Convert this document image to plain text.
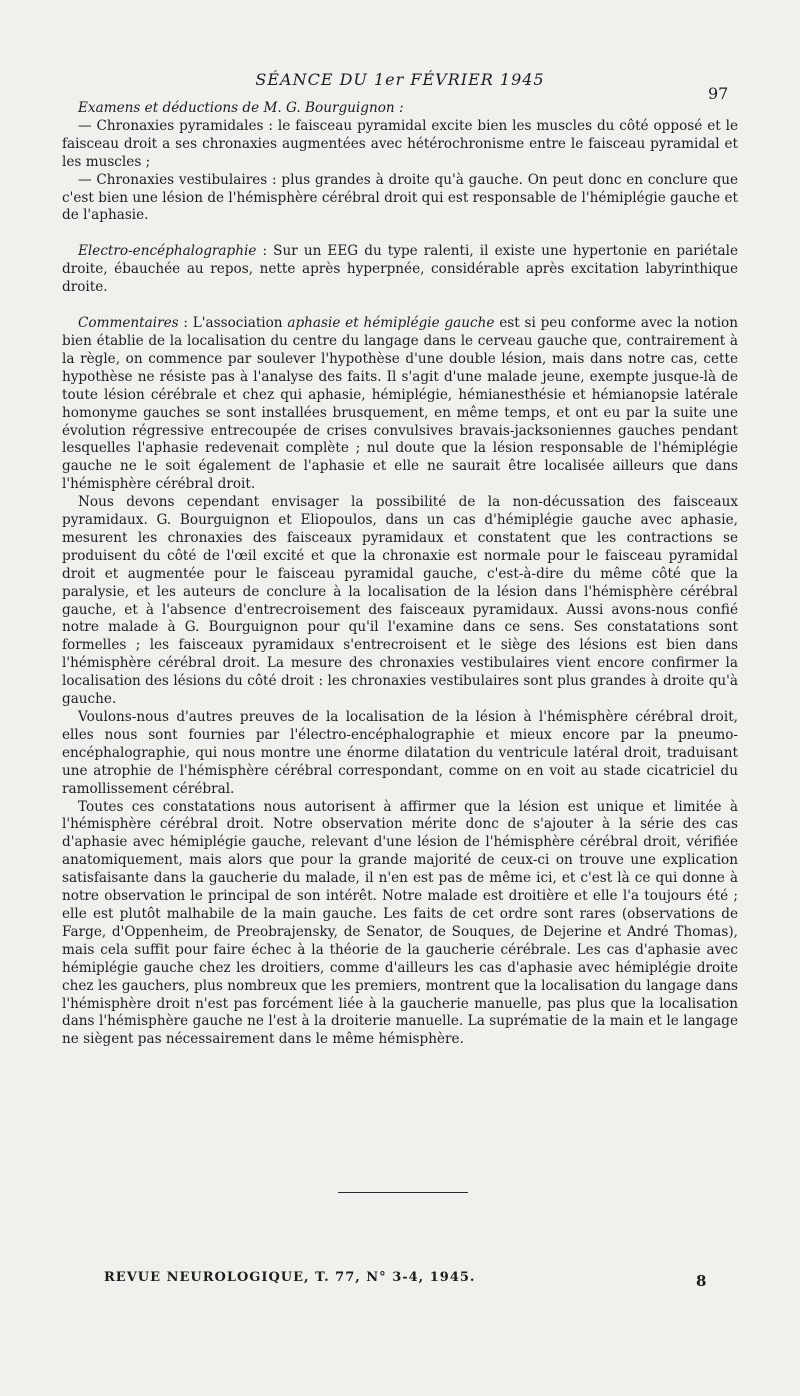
SÉANCE DU 1er FÉVRIER 1945
97

Examens et déductions de M. G. Bourguignon :

— Chronaxies pyramidales : le faisceau pyramidal excite bien les muscles du côté opposé et le faisceau droit a ses chronaxies augmentées avec hétérochronisme entre le faisceau pyramidal et les muscles ;

— Chronaxies vestibulaires : plus grandes à droite qu'à gauche. On peut donc en conclure que c'est bien une lésion de l'hémisphère cérébral droit qui est responsable de l'hémiplégie gauche et de l'aphasie.

Electro-encéphalographie : Sur un EEG du type ralenti, il existe une hypertonie en pariétale droite, ébauchée au repos, nette après hyperpnée, considérable après excitation labyrinthique droite.

Commentaires : L'association aphasie et hémiplégie gauche est si peu conforme avec la notion bien établie de la localisation du centre du langage dans le cerveau gauche que, contrairement à la règle, on commence par soulever l'hypothèse d'une double lésion, mais dans notre cas, cette hypothèse ne résiste pas à l'analyse des faits. Il s'agit d'une malade jeune, exempte jusque-là de toute lésion cérébrale et chez qui aphasie, hémiplégie, hémianesthésie et hémianopsie latérale homonyme gauches se sont installées brusquement, en même temps, et ont eu par la suite une évolution régressive entrecoupée de crises convulsives bravais-jacksoniennes gauches pendant lesquelles l'aphasie redevenait complète ; nul doute que la lésion responsable de l'hémiplégie gauche ne le soit également de l'aphasie et elle ne saurait être localisée ailleurs que dans l'hémisphère cérébral droit.

Nous devons cependant envisager la possibilité de la non-décussation des faisceaux pyramidaux. G. Bourguignon et Eliopoulos, dans un cas d'hémiplégie gauche avec aphasie, mesurent les chronaxies des faisceaux pyramidaux et constatent que les contractions se produisent du côté de l'œil excité et que la chronaxie est normale pour le faisceau pyramidal droit et augmentée pour le faisceau pyramidal gauche, c'est-à-dire du même côté que la paralysie, et les auteurs de conclure à la localisation de la lésion dans l'hémisphère cérébral gauche, et à l'absence d'entrecroisement des faisceaux pyramidaux. Aussi avons-nous confié notre malade à G. Bourguignon pour qu'il l'examine dans ce sens. Ses constatations sont formelles ; les faisceaux pyramidaux s'entrecroisent et le siège des lésions est bien dans l'hémisphère cérébral droit. La mesure des chronaxies vestibulaires vient encore confirmer la localisation des lésions du côté droit : les chronaxies vestibulaires sont plus grandes à droite qu'à gauche.

Voulons-nous d'autres preuves de la localisation de la lésion à l'hémisphère cérébral droit, elles nous sont fournies par l'électro-encéphalographie et mieux encore par la pneumo-encéphalographie, qui nous montre une énorme dilatation du ventricule latéral droit, traduisant une atrophie de l'hémisphère cérébral correspondant, comme on en voit au stade cicatriciel du ramollissement cérébral.

Toutes ces constatations nous autorisent à affirmer que la lésion est unique et limitée à l'hémisphère cérébral droit. Notre observation mérite donc de s'ajouter à la série des cas d'aphasie avec hémiplégie gauche, relevant d'une lésion de l'hémisphère cérébral droit, vérifiée anatomiquement, mais alors que pour la grande majorité de ceux-ci on trouve une explication satisfaisante dans la gaucherie du malade, il n'en est pas de même ici, et c'est là ce qui donne à notre observation le principal de son intérêt. Notre malade est droitière et elle l'a toujours été ; elle est plutôt malhabile de la main gauche. Les faits de cet ordre sont rares (observations de Farge, d'Oppenheim, de Preobrajensky, de Senator, de Souques, de Dejerine et André Thomas), mais cela suffit pour faire échec à la théorie de la gaucherie cérébrale. Les cas d'aphasie avec hémiplégie gauche chez les droitiers, comme d'ailleurs les cas d'aphasie avec hémiplégie droite chez les gauchers, plus nombreux que les premiers, montrent que la localisation du langage dans l'hémisphère droit n'est pas forcément liée à la gaucherie manuelle, pas plus que la localisation dans l'hémisphère gauche ne l'est à la droiterie manuelle. La suprématie de la main et le langage ne siègent pas nécessairement dans le même hémisphère.

REVUE NEUROLOGIQUE, T. 77, N° 3-4, 1945.	8
